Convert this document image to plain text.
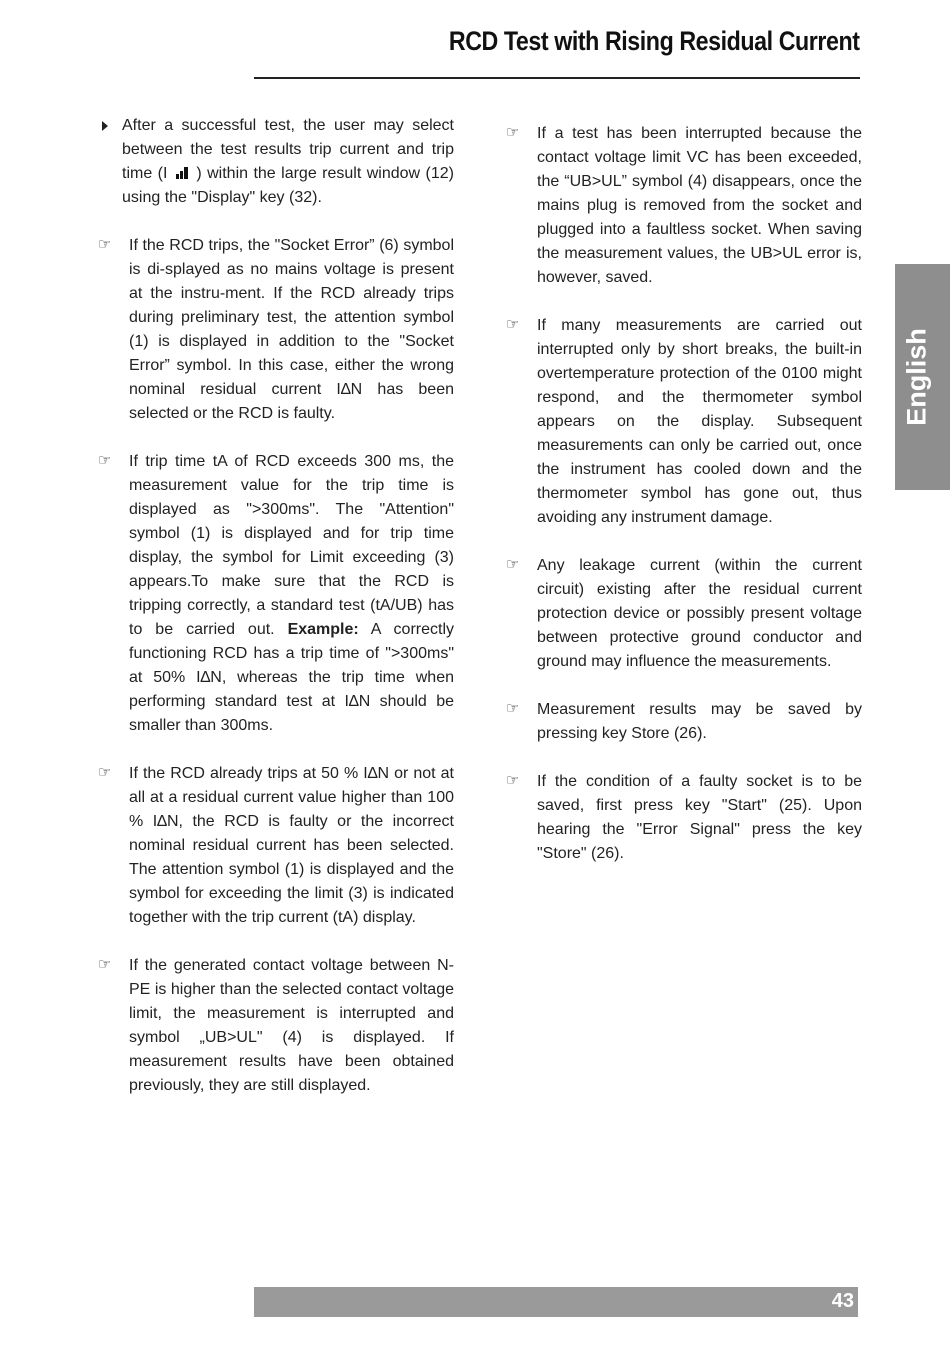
RCD Test with Rising Residual Current
After a successful test, the user may select between the test results trip current and trip time (I  ) within the large result window (12) using the "Display" key (32).
☞ If the RCD trips, the "Socket Error” (6) symbol is di-splayed as no mains voltage is present at the instru-ment. If the RCD already trips during preliminary test, the attention symbol (1) is displayed in addition to the "Socket Error” symbol. In this case, either the wrong nominal residual current I∆N has been selected or the RCD is faulty.
☞ If trip time tA of RCD exceeds 300 ms, the measurement value for the trip time is displayed as ">300ms". The "Attention" symbol (1) is displayed and for trip time display, the symbol for Limit exceeding (3) appears.To make sure that the RCD is tripping correctly, a standard test (tA/UB) has to be carried out. Example: A correctly functioning RCD has a trip time of ">300ms" at 50% I∆N, whereas the trip time when performing standard test at I∆N should be smaller than 300ms.
☞ If the RCD already trips at 50 % I∆N or not at all at a residual current value higher than 100 % I∆N, the RCD is faulty or the incorrect nominal residual current has been selected. The attention symbol (1) is displayed and the symbol for exceeding the limit (3) is indicated together with the trip current (tA) display.
☞ If the generated contact voltage between N-PE is higher than the selected contact voltage limit, the measurement is interrupted and symbol „UB>UL" (4) is displayed. If measurement results have been obtained previously, they are still displayed.
☞ If a test has been interrupted because the contact voltage limit VC has been exceeded, the “UB>UL” symbol (4) disappears, once the mains plug is removed from the socket and plugged into a faultless socket. When saving the measurement values, the UB>UL error is, however, saved.
☞ If many measurements are carried out interrupted only by short breaks, the built-in overtemperature protection of the 0100 might respond, and the thermometer symbol appears on the display. Subsequent measurements can only be carried out, once the instrument has cooled down and the thermometer symbol has gone out, thus avoiding any instrument damage.
☞ Any leakage current (within the current circuit) existing after the residual current protection device or possibly present voltage between protective ground conductor and ground may influence the measurements.
☞ Measurement results may be saved by pressing key Store (26).
☞ If the condition of a faulty socket is to be saved, first press key "Start" (25). Upon hearing the "Error Signal" press the key "Store" (26).
English
43
